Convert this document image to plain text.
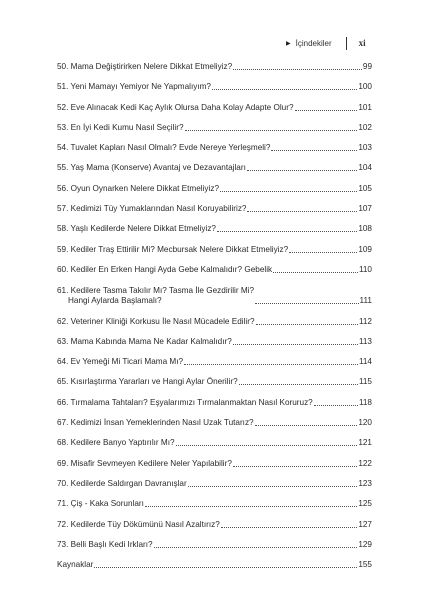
▶ İçindekiler	xi
50. Mama Değiştirirken Nelere Dikkat Etmeliyiz?	99
51. Yeni Mamayı Yemiyor Ne Yapmalıyım?	100
52. Eve Alınacak Kedi Kaç Aylık Olursa Daha Kolay Adapte Olur?	101
53. En İyi Kedi Kumu Nasıl Seçilir?	102
54. Tuvalet Kapları Nasıl Olmalı? Evde Nereye Yerleşmeli?	103
55. Yaş Mama (Konserve) Avantaj ve Dezavantajları	104
56. Oyun Oynarken Nelere Dikkat Etmeliyiz?	105
57. Kedimizi Tüy Yumaklarından Nasıl Koruyabiliriz?	107
58. Yaşlı Kedilerde Nelere Dikkat Etmeliyiz?	108
59. Kediler Traş Ettirilir Mi? Mecbursak Nelere Dikkat Etmeliyiz?	109
60. Kediler En Erken Hangi Ayda Gebe Kalmalıdır? Gebelik	110
61. Kedilere Tasma Takılır Mı? Tasma İle Gezdirilir Mi?
Hangi Aylarda Başlamalı?	111
62. Veteriner Kliniği Korkusu İle Nasıl Mücadele Edilir?	112
63. Mama Kabında Mama Ne Kadar Kalmalıdır?	113
64. Ev Yemeği Mi Ticari Mama Mı?	114
65. Kısırlaştırma Yararları ve Hangi Aylar Önerilir?	115
66. Tırmalama Tahtaları? Eşyalarımızı Tırmalanmaktan Nasıl Koruruz?	118
67. Kedimizi İnsan Yemeklerinden Nasıl Uzak Tutarız?	120
68. Kedilere Banyo Yaptırılır Mı?	121
69. Misafir Sevmeyen Kedilere Neler Yapılabilir?	122
70. Kedilerde Saldırgan Davranışlar	123
71. Çiş - Kaka Sorunları	125
72. Kedilerde Tüy Dökümünü Nasıl Azaltırız?	127
73. Belli Başlı Kedi Irkları?	129
Kaynaklar	155
